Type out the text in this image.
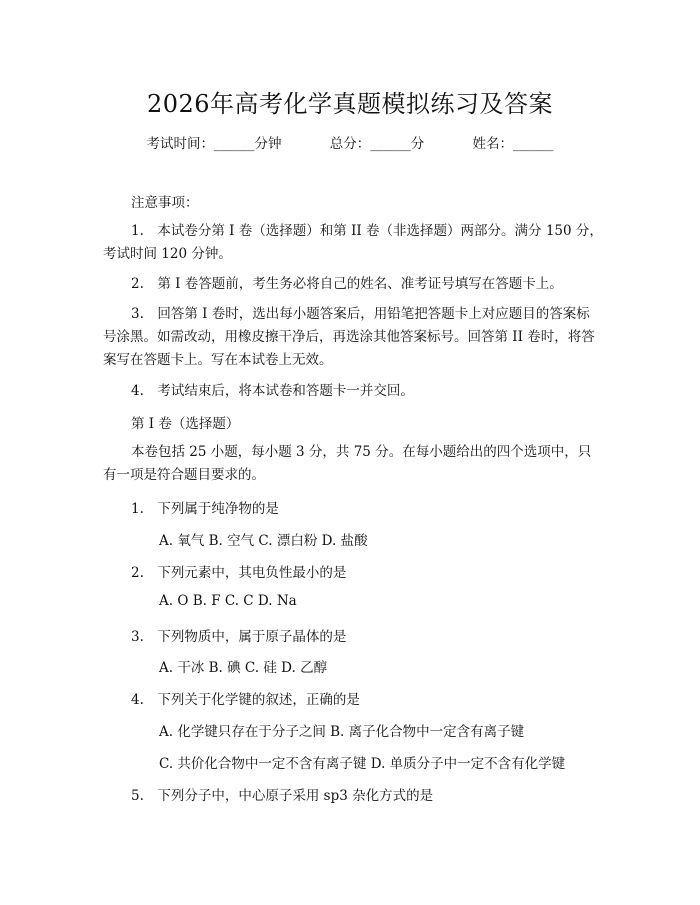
2026年高考化学真题模拟练习及答案
考试时间：______分钟	总分：______分	姓名：______
注意事项：
1.　本试卷分第 I 卷（选择题）和第 II 卷（非选择题）两部分。满分 150 分，考试时间 120 分钟。
2.　第 I 卷答题前，考生务必将自己的姓名、准考证号填写在答题卡上。
3.　回答第 I 卷时，选出每小题答案后，用铅笔把答题卡上对应题目的答案标号涂黑。如需改动，用橡皮擦干净后，再选涂其他答案标号。回答第 II 卷时，将答案写在答题卡上。写在本试卷上无效。
4.　考试结束后，将本试卷和答题卡一并交回。
第 I 卷（选择题）
本卷包括 25 小题，每小题 3 分，共 75 分。在每小题给出的四个选项中，只有一项是符合题目要求的。
1.　下列属于纯净物的是
A. 氧气 B. 空气 C. 漂白粉 D. 盐酸
2.　下列元素中，其电负性最小的是
A. O B. F C. C D. Na
3.　下列物质中，属于原子晶体的是
A. 干冰 B. 碘 C. 硅 D. 乙醇
4.　下列关于化学键的叙述，正确的是
A. 化学键只存在于分子之间 B. 离子化合物中一定含有离子键
C. 共价化合物中一定不含有离子键 D. 单质分子中一定不含有化学键
5.　下列分子中，中心原子采用 sp3 杂化方式的是
